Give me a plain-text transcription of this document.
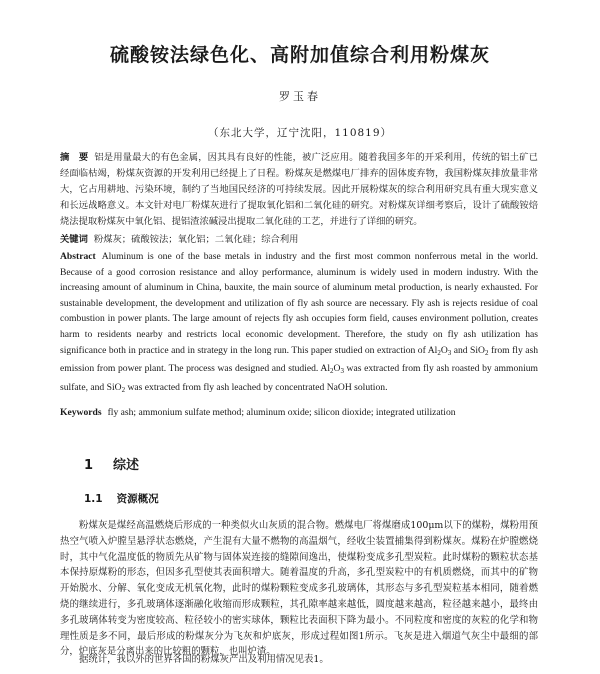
硫酸铵法绿色化、高附加值综合利用粉煤灰
罗玉春
（东北大学，辽宁沈阳，110819）

摘　要 铝是用量最大的有色金属，因其具有良好的性能，被广泛应用。随着我国多年的开采利用，传统的铝土矿已经面临枯竭，粉煤灰资源的开发利用已经提上了日程。粉煤灰是燃煤电厂排弃的固体废弃物，我国粉煤灰排放量非常大，它占用耕地、污染环境，制约了当地国民经济的可持续发展。因此开展粉煤灰的综合利用研究具有重大现实意义和长远战略意义。本文针对电厂粉煤灰进行了提取氧化铝和二氧化硅的研究。对粉煤灰详细考察后，设计了硫酸铵焙烧法提取粉煤灰中氧化铝、提铝渣浓碱浸出提取二氧化硅的工艺，并进行了详细的研究。

关键词 粉煤灰；硫酸铵法；氧化铝；二氧化硅；综合利用

Abstract Aluminum is one of the base metals in industry and the first most common nonferrous metal in the world. Because of a good corrosion resistance and alloy performance, aluminum is widely used in modern industry. With the increasing amount of aluminum in China, bauxite, the main source of aluminum metal production, is nearly exhausted. For sustainable development, the development and utilization of fly ash source are necessary. Fly ash is rejects residue of coal combustion in power plants. The large amount of rejects fly ash occupies form field, causes environment pollution, creates harm to residents nearby and restricts local economic development. Therefore, the study on fly ash utilization has significance both in practice and in strategy in the long run. This paper studied on extraction of $Al_2O_3$ and SiO$_2$ from fly ash emission from power plant. The process was designed and studied. $Al_2O_3$ was extracted from fly ash roasted by ammonium sulfate, and SiO$_2$ was extracted from fly ash leached by concentrated NaOH solution.

Keywords fly ash; ammonium sulfate method; aluminum oxide; silicon dioxide; integrated utilization

1 综述
1.1 资源概况

粉煤灰是煤经高温燃烧后形成的一种类似火山灰质的混合物。燃煤电厂将煤磨成100μm以下的煤粉，煤粉用预热空气喷入炉膛呈悬浮状态燃烧，产生混有大量不燃物的高温烟气，经收尘装置捕集得到粉煤灰。煤粉在炉膛燃烧时，其中气化温度低的物质先从矿物与固体炭连接的缝隙间逸出，使煤粉变成多孔型炭粒。此时煤粉的颗粒状态基本保持原煤粉的形态，但因多孔型使其表面积增大。随着温度的升高，多孔型炭粒中的有机质燃烧，而其中的矿物开始脱水、分解、氧化变成无机氧化物，此时的煤粉颗粒变成多孔玻璃体，其形态与多孔型炭粒基本相同，随着燃烧的继续进行，多孔玻璃体逐渐融化收缩而形成颗粒，其孔隙率越来越低，圆度越来越高，粒径越来越小，最终由多孔玻璃体转变为密度较高、粒径较小的密实球体，颗粒比表面积下降为最小。不同粒度和密度的灰粒的化学和物理性质是多不同，最后形成的粉煤灰分为飞灰和炉底灰，形成过程如图1所示。飞灰是进入烟道气灰尘中最细的部分，炉底灰是分离出来的比较粗的颗粒，也叫炉渣。

据统计，我以外的世界各国的粉煤灰产出及利用情况见表1。
